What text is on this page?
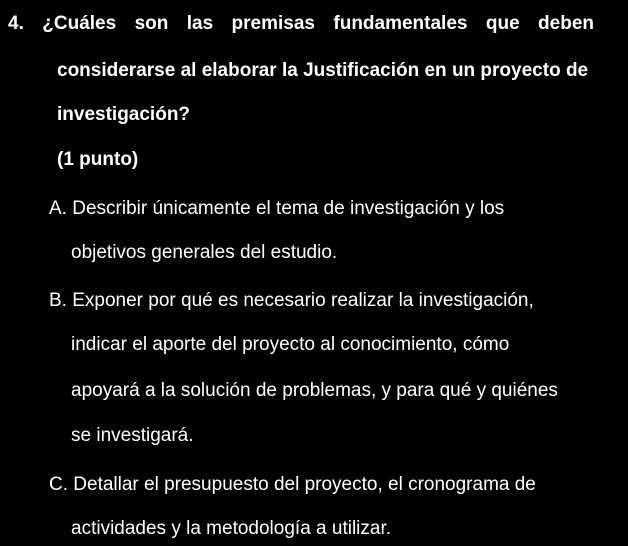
4. ¿Cuáles son las premisas fundamentales que deben
considerarse al elaborar la Justificación en un proyecto de
investigación?
(1 punto)
A. Describir únicamente el tema de investigación y los
objetivos generales del estudio.
B. Exponer por qué es necesario realizar la investigación,
indicar el aporte del proyecto al conocimiento, cómo
apoyará a la solución de problemas, y para qué y quiénes
se investigará.
C. Detallar el presupuesto del proyecto, el cronograma de
actividades y la metodología a utilizar.
